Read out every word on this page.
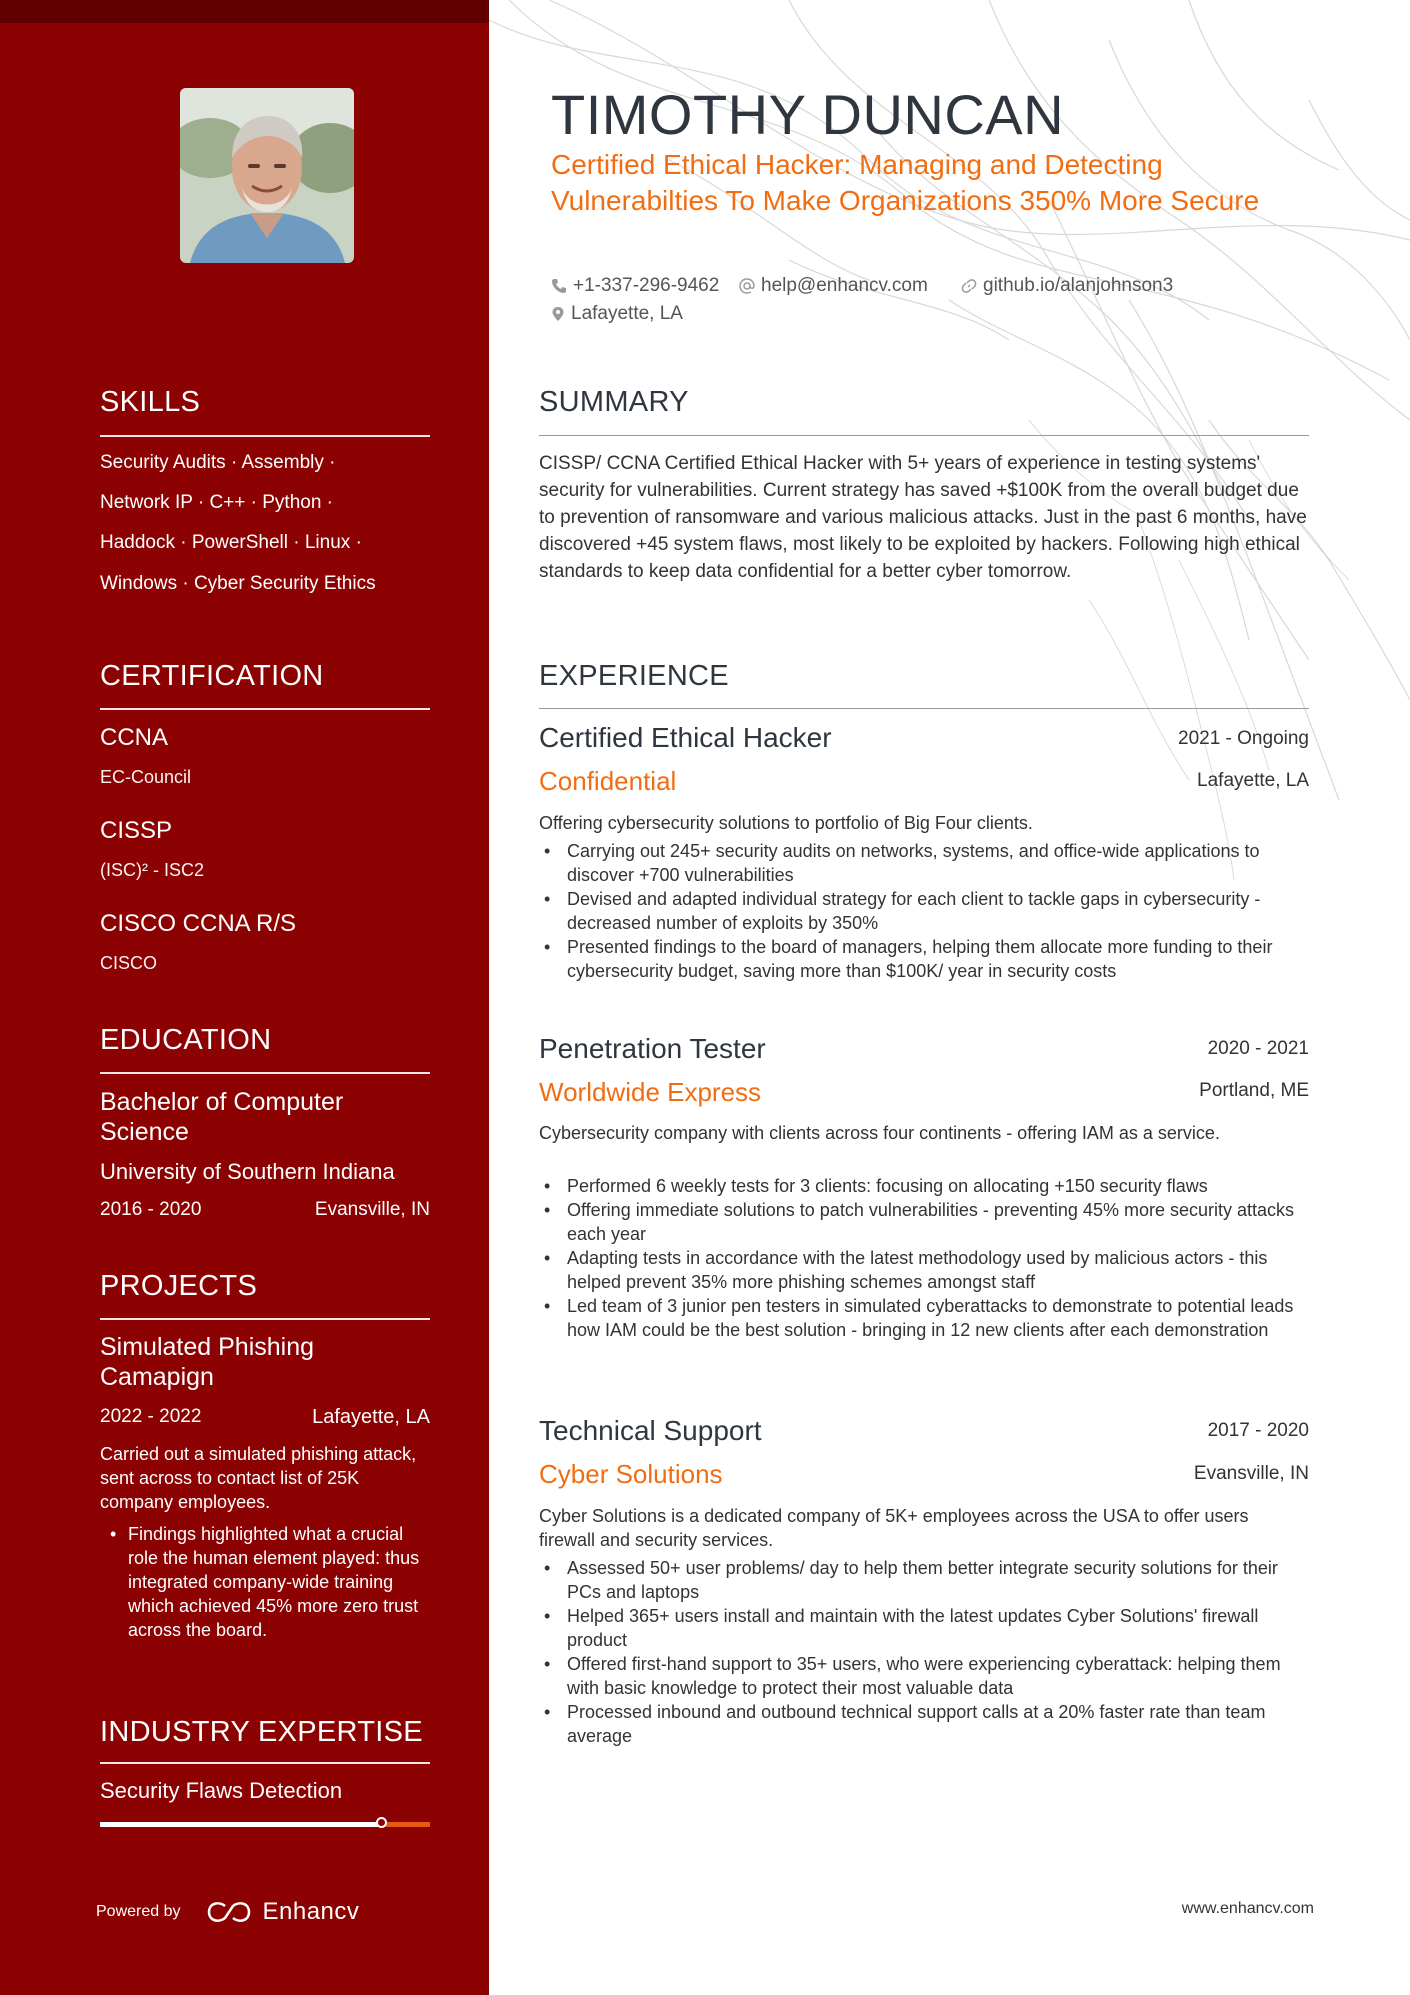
SKILLS
Security Audits · Assembly ·
Network IP · C++ · Python ·
Haddock · PowerShell · Linux ·
Windows · Cyber Security Ethics
CERTIFICATION
CCNA
EC-Council
CISSP
(ISC)² - ISC2
CISCO CCNA R/S
CISCO
EDUCATION
Bachelor of Computer Science
University of Southern Indiana
2016 - 2020	Evansville, IN
PROJECTS
Simulated Phishing Camapign
2022 - 2022	Lafayette, LA
Carried out a simulated phishing attack, sent across to contact list of 25K company employees.
• Findings highlighted what a crucial role the human element played: thus integrated company-wide training which achieved 45% more zero trust across the board.
INDUSTRY EXPERTISE
Security Flaws Detection
Powered by	Enhancv
TIMOTHY DUNCAN
Certified Ethical Hacker: Managing and Detecting Vulnerabilties To Make Organizations 350% More Secure
+1-337-296-9462 help@enhancv.com	github.io/alanjohnson3
Lafayette, LA
SUMMARY
CISSP/ CCNA Certified Ethical Hacker with 5+ years of experience in testing systems' security for vulnerabilities. Current strategy has saved +$100K from the overall budget due to prevention of ransomware and various malicious attacks. Just in the past 6 months, have discovered +45 system flaws, most likely to be exploited by hackers. Following high ethical standards to keep data confidential for a better cyber tomorrow.
EXPERIENCE
Certified Ethical Hacker	2021 - Ongoing
Confidential	Lafayette, LA
Offering cybersecurity solutions to portfolio of Big Four clients.
• Carrying out 245+ security audits on networks, systems, and office-wide applications to discover +700 vulnerabilities
• Devised and adapted individual strategy for each client to tackle gaps in cybersecurity - decreased number of exploits by 350%
• Presented findings to the board of managers, helping them allocate more funding to their cybersecurity budget, saving more than $100K/ year in security costs
Penetration Tester	2020 - 2021
Worldwide Express	Portland, ME
Cybersecurity company with clients across four continents - offering IAM as a service.
• Performed 6 weekly tests for 3 clients: focusing on allocating +150 security flaws
• Offering immediate solutions to patch vulnerabilities - preventing 45% more security attacks each year
• Adapting tests in accordance with the latest methodology used by malicious actors - this helped prevent 35% more phishing schemes amongst staff
• Led team of 3 junior pen testers in simulated cyberattacks to demonstrate to potential leads how IAM could be the best solution - bringing in 12 new clients after each demonstration
Technical Support	2017 - 2020
Cyber Solutions	Evansville, IN
Cyber Solutions is a dedicated company of 5K+ employees across the USA to offer users firewall and security services.
• Assessed 50+ user problems/ day to help them better integrate security solutions for their PCs and laptops
• Helped 365+ users install and maintain with the latest updates Cyber Solutions' firewall product
• Offered first-hand support to 35+ users, who were experiencing cyberattack: helping them with basic knowledge to protect their most valuable data
• Processed inbound and outbound technical support calls at a 20% faster rate than team average
www.enhancv.com
